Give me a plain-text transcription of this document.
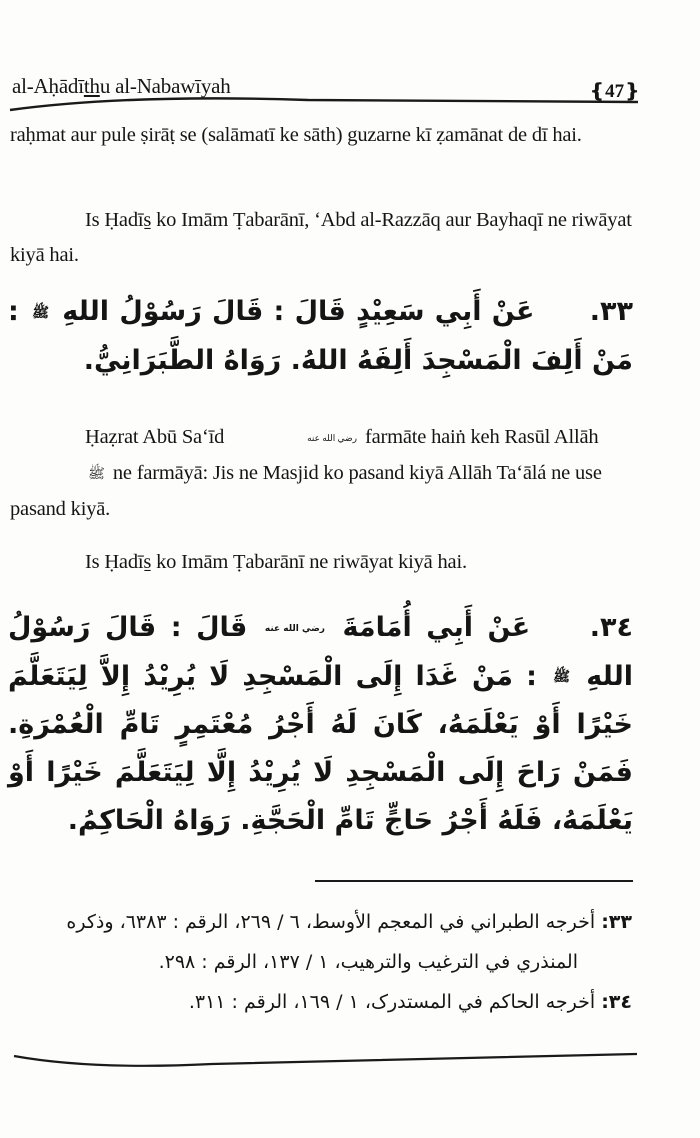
al-Aḥādīthu al-Nabawīyah	❴47❵
raḥmat aur pule ṣirāṭ se (salāmatī ke sāth) guzarne kī ẓamānat de dī hai.
Is Ḥadīs̱ ko Imām Ṭabarānī, ‘Abd al-Razzāq aur Bayhaqī ne riwāyat kiyā hai.
٣٣. عَنْ أَبِي سَعِيْدٍ قَالَ : قَالَ رَسُوْلُ اللهِ ﷺ : مَنْ أَلِفَ الْمَسْجِدَ أَلِفَهُ اللهُ. رَوَاهُ الطَّبَرَانِيُّ.
Ḥaẓrat Abū Sa‘īd	رضي الله عنه farmāte haiṅ keh Rasūl Allāh ﷺ ne farmāyā: Jis ne Masjid ko pasand kiyā Allāh Ta‘ālá ne use pasand kiyā.
Is Ḥadīs̱ ko Imām Ṭabarānī ne riwāyat kiyā hai.
٣٤. عَنْ أَبِي أُمَامَةَ رضي الله عنه قَالَ : قَالَ رَسُوْلُ اللهِ ﷺ : مَنْ غَدَا إِلَى الْمَسْجِدِ لَا يُرِيْدُ إِلاَّ لِيَتَعَلَّمَ خَيْرًا أَوْ يَعْلَمَهُ، كَانَ لَهُ أَجْرُ مُعْتَمِرٍ تَامِّ الْعُمْرَةِ. فَمَنْ رَاحَ إِلَى الْمَسْجِدِ لَا يُرِيْدُ إِلَّا لِيَتَعَلَّمَ خَيْرًا أَوْ يَعْلَمَهُ، فَلَهُ أَجْرُ حَاجٍّ تَامِّ الْحَجَّةِ. رَوَاهُ الْحَاكِمُ.

٣٣: أخرجه الطبراني في المعجم الأوسط، ٦ / ٢٦٩، الرقم : ٦٣٨٣، وذكره
المنذري في الترغيب والترهيب، ١ / ١٣٧، الرقم : ٢٩٨.

٣٤: أخرجه الحاكم في المستدرک، ١ / ١٦٩، الرقم : ٣١١.
